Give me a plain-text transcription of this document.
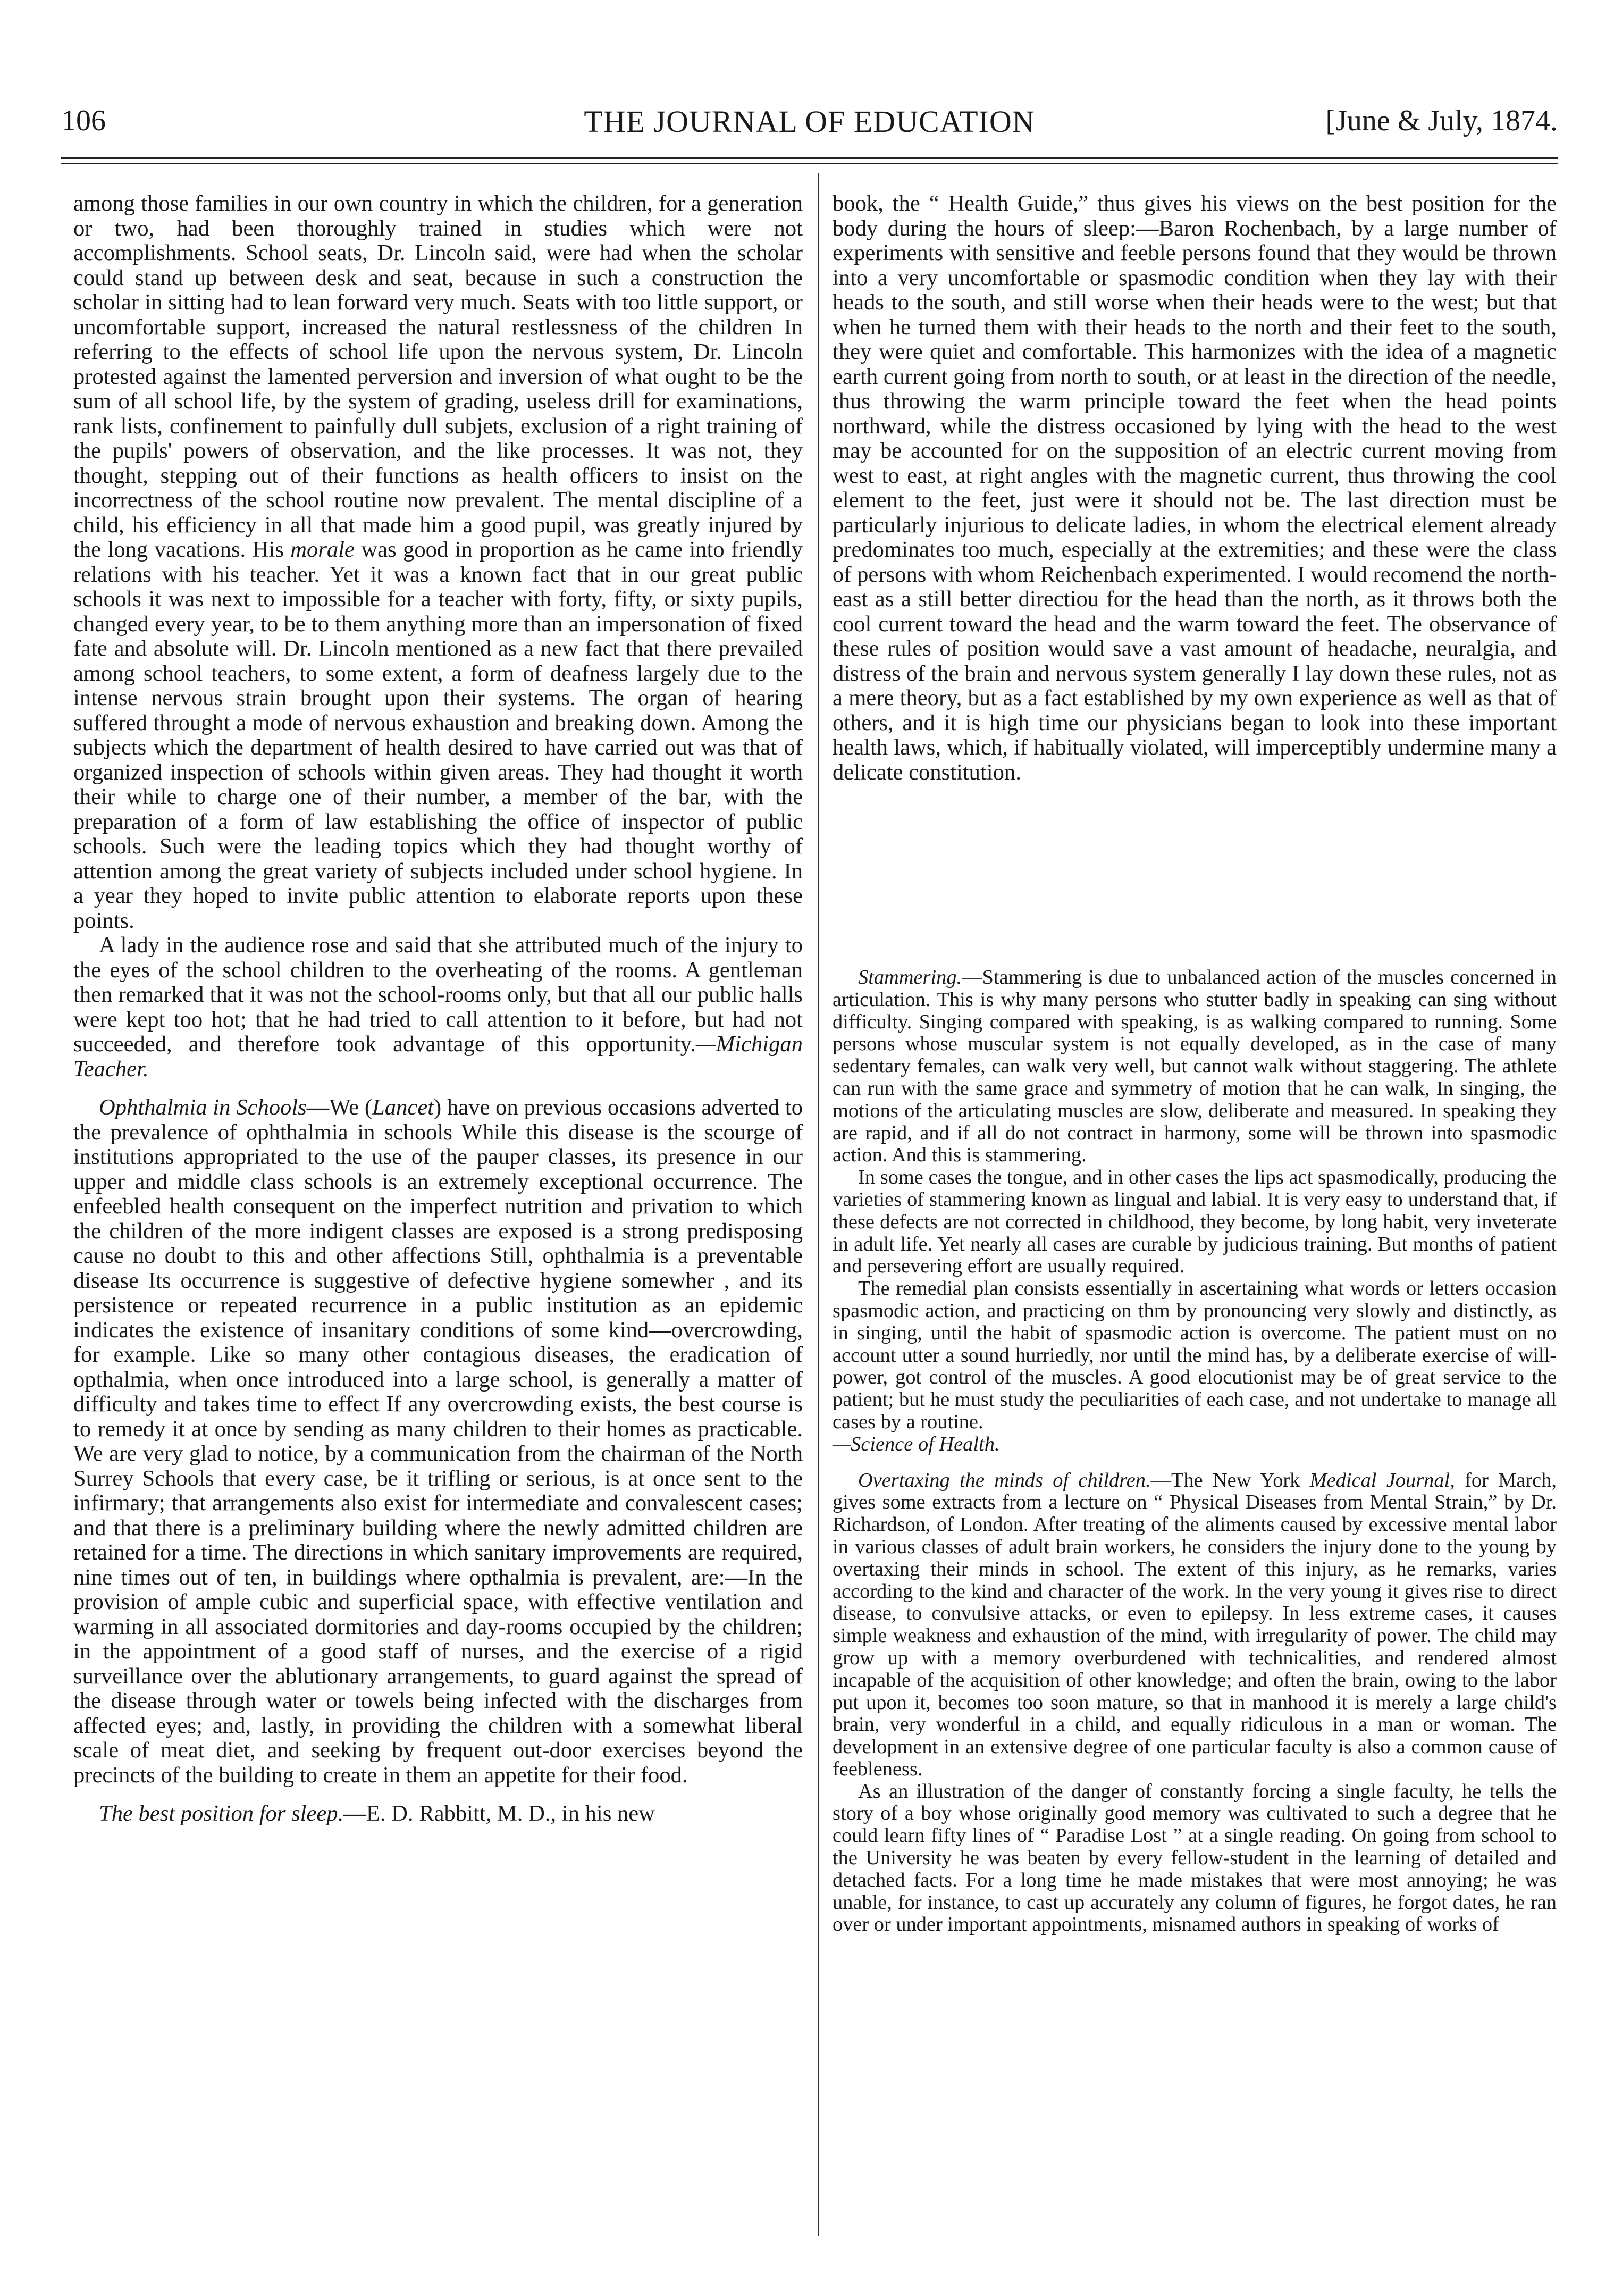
106	THE JOURNAL OF EDUCATION	[June & July, 1874.

among those families in our own country in which the children, for a generation or two, had been thoroughly trained in studies which were not accomplishments. School seats, Dr. Lincoln said, were had when the scholar could stand up between desk and seat, because in such a construction the scholar in sitting had to lean forward very much. Seats with too little support, or uncomfortable support, increased the natural restlessness of the children In referring to the effects of school life upon the nervous system, Dr. Lincoln protested against the lamented perversion and inversion of what ought to be the sum of all school life, by the system of grading, useless drill for examinations, rank lists, confinement to painfully dull subjets, exclusion of a right training of the pupils' powers of observation, and the like processes. It was not, they thought, stepping out of their functions as health officers to insist on the incorrectness of the school routine now prevalent. The mental discipline of a child, his efficiency in all that made him a good pupil, was greatly injured by the long vacations. His morale was good in proportion as he came into friendly relations with his teacher. Yet it was a known fact that in our great public schools it was next to impossible for a teacher with forty, fifty, or sixty pupils, changed every year, to be to them anything more than an impersonation of fixed fate and absolute will. Dr. Lincoln mentioned as a new fact that there prevailed among school teachers, to some extent, a form of deafness largely due to the intense nervous strain brought upon their systems. The organ of hearing suffered throught a mode of nervous exhaustion and breaking down. Among the subjects which the department of health desired to have carried out was that of organized inspection of schools within given areas. They had thought it worth their while to charge one of their number, a member of the bar, with the preparation of a form of law establishing the office of inspector of public schools. Such were the leading topics which they had thought worthy of attention among the great variety of subjects included under school hygiene. In a year they hoped to invite public attention to elaborate reports upon these points.

A lady in the audience rose and said that she attributed much of the injury to the eyes of the school children to the overheating of the rooms. A gentleman then remarked that it was not the school-rooms only, but that all our public halls were kept too hot; that he had tried to call attention to it before, but had not succeeded, and therefore took advantage of this opportunity.—Michigan Teacher.

Ophthalmia in Schools—We (Lancet) have on previous occasions adverted to the prevalence of ophthalmia in schools While this disease is the scourge of institutions appropriated to the use of the pauper classes, its presence in our upper and middle class schools is an extremely exceptional occurrence. The enfeebled health consequent on the imperfect nutrition and privation to which the children of the more indigent classes are exposed is a strong predisposing cause no doubt to this and other affections Still, ophthalmia is a preventable disease Its occurrence is suggestive of defective hygiene somewher , and its persistence or repeated recurrence in a public institution as an epidemic indicates the existence of insanitary conditions of some kind—overcrowding, for example. Like so many other contagious diseases, the eradication of opthalmia, when once introduced into a large school, is generally a matter of difficulty and takes time to effect If any overcrowding exists, the best course is to remedy it at once by sending as many children to their homes as practicable. We are very glad to notice, by a communication from the chairman of the North Surrey Schools that every case, be it trifling or serious, is at once sent to the infirmary; that arrangements also exist for intermediate and convalescent cases; and that there is a preliminary building where the newly admitted children are retained for a time. The directions in which sanitary improvements are required, nine times out of ten, in buildings where opthalmia is prevalent, are:—In the provision of ample cubic and superficial space, with effective ventilation and warming in all associated dormitories and day-rooms occupied by the children; in the appointment of a good staff of nurses, and the exercise of a rigid surveillance over the ablutionary arrangements, to guard against the spread of the disease through water or towels being infected with the discharges from affected eyes; and, lastly, in providing the children with a somewhat liberal scale of meat diet, and seeking by frequent out-door exercises beyond the precincts of the building to create in them an appetite for their food.

The best position for sleep.—E. D. Rabbitt, M. D., in his new

book, the “ Health Guide,” thus gives his views on the best position for the body during the hours of sleep:—Baron Rochenbach, by a large number of experiments with sensitive and feeble persons found that they would be thrown into a very uncomfortable or spasmodic condition when they lay with their heads to the south, and still worse when their heads were to the west; but that when he turned them with their heads to the north and their feet to the south, they were quiet and comfortable. This harmonizes with the idea of a magnetic earth current going from north to south, or at least in the direction of the needle, thus throwing the warm principle toward the feet when the head points northward, while the distress occasioned by lying with the head to the west may be accounted for on the supposition of an electric current moving from west to east, at right angles with the magnetic current, thus throwing the cool element to the feet, just were it should not be. The last direction must be particularly injurious to delicate ladies, in whom the electrical element already predominates too much, especially at the extremities; and these were the class of persons with whom Reichenbach experimented. I would recomend the north-east as a still better directiou for the head than the north, as it throws both the cool current toward the head and the warm toward the feet. The observance of these rules of position would save a vast amount of headache, neuralgia, and distress of the brain and nervous system generally I lay down these rules, not as a mere theory, but as a fact established by my own experience as well as that of others, and it is high time our physicians began to look into these important health laws, which, if habitually violated, will imperceptibly undermine many a delicate constitution.

Stammering.—Stammering is due to unbalanced action of the muscles concerned in articulation. This is why many persons who stutter badly in speaking can sing without difficulty. Singing compared with speaking, is as walking compared to running. Some persons whose muscular system is not equally developed, as in the case of many sedentary females, can walk very well, but cannot walk without staggering. The athlete can run with the same grace and symmetry of motion that he can walk, In singing, the motions of the articulating muscles are slow, deliberate and measured. In speaking they are rapid, and if all do not contract in harmony, some will be thrown into spasmodic action. And this is stammering.

In some cases the tongue, and in other cases the lips act spasmodically, producing the varieties of stammering known as lingual and labial. It is very easy to understand that, if these defects are not corrected in childhood, they become, by long habit, very inveterate in adult life. Yet nearly all cases are curable by judicious training. But months of patient and persevering effort are usually required.

The remedial plan consists essentially in ascertaining what words or letters occasion spasmodic action, and practicing on thm by pronouncing very slowly and distinctly, as in singing, until the habit of spasmodic action is overcome. The patient must on no account utter a sound hurriedly, nor until the mind has, by a deliberate exercise of will-power, got control of the muscles. A good elocutionist may be of great service to the patient; but he must study the peculiarities of each case, and not undertake to manage all cases by a routine.

—Science of Health.

Overtaxing the minds of children.—The New York Medical Journal, for March, gives some extracts from a lecture on “ Physical Diseases from Mental Strain,” by Dr. Richardson, of London. After treating of the aliments caused by excessive mental labor in various classes of adult brain workers, he considers the injury done to the young by overtaxing their minds in school. The extent of this injury, as he remarks, varies according to the kind and character of the work. In the very young it gives rise to direct disease, to convulsive attacks, or even to epilepsy. In less extreme cases, it causes simple weakness and exhaustion of the mind, with irregularity of power. The child may grow up with a memory overburdened with technicalities, and rendered almost incapable of the acquisition of other knowledge; and often the brain, owing to the labor put upon it, becomes too soon mature, so that in manhood it is merely a large child's brain, very wonderful in a child, and equally ridiculous in a man or woman. The development in an extensive degree of one particular faculty is also a common cause of feebleness.

As an illustration of the danger of constantly forcing a single faculty, he tells the story of a boy whose originally good memory was cultivated to such a degree that he could learn fifty lines of “ Paradise Lost ” at a single reading. On going from school to the University he was beaten by every fellow-student in the learning of detailed and detached facts. For a long time he made mistakes that were most annoying; he was unable, for instance, to cast up accurately any column of figures, he forgot dates, he ran over or under important appointments, misnamed authors in speaking of works of
